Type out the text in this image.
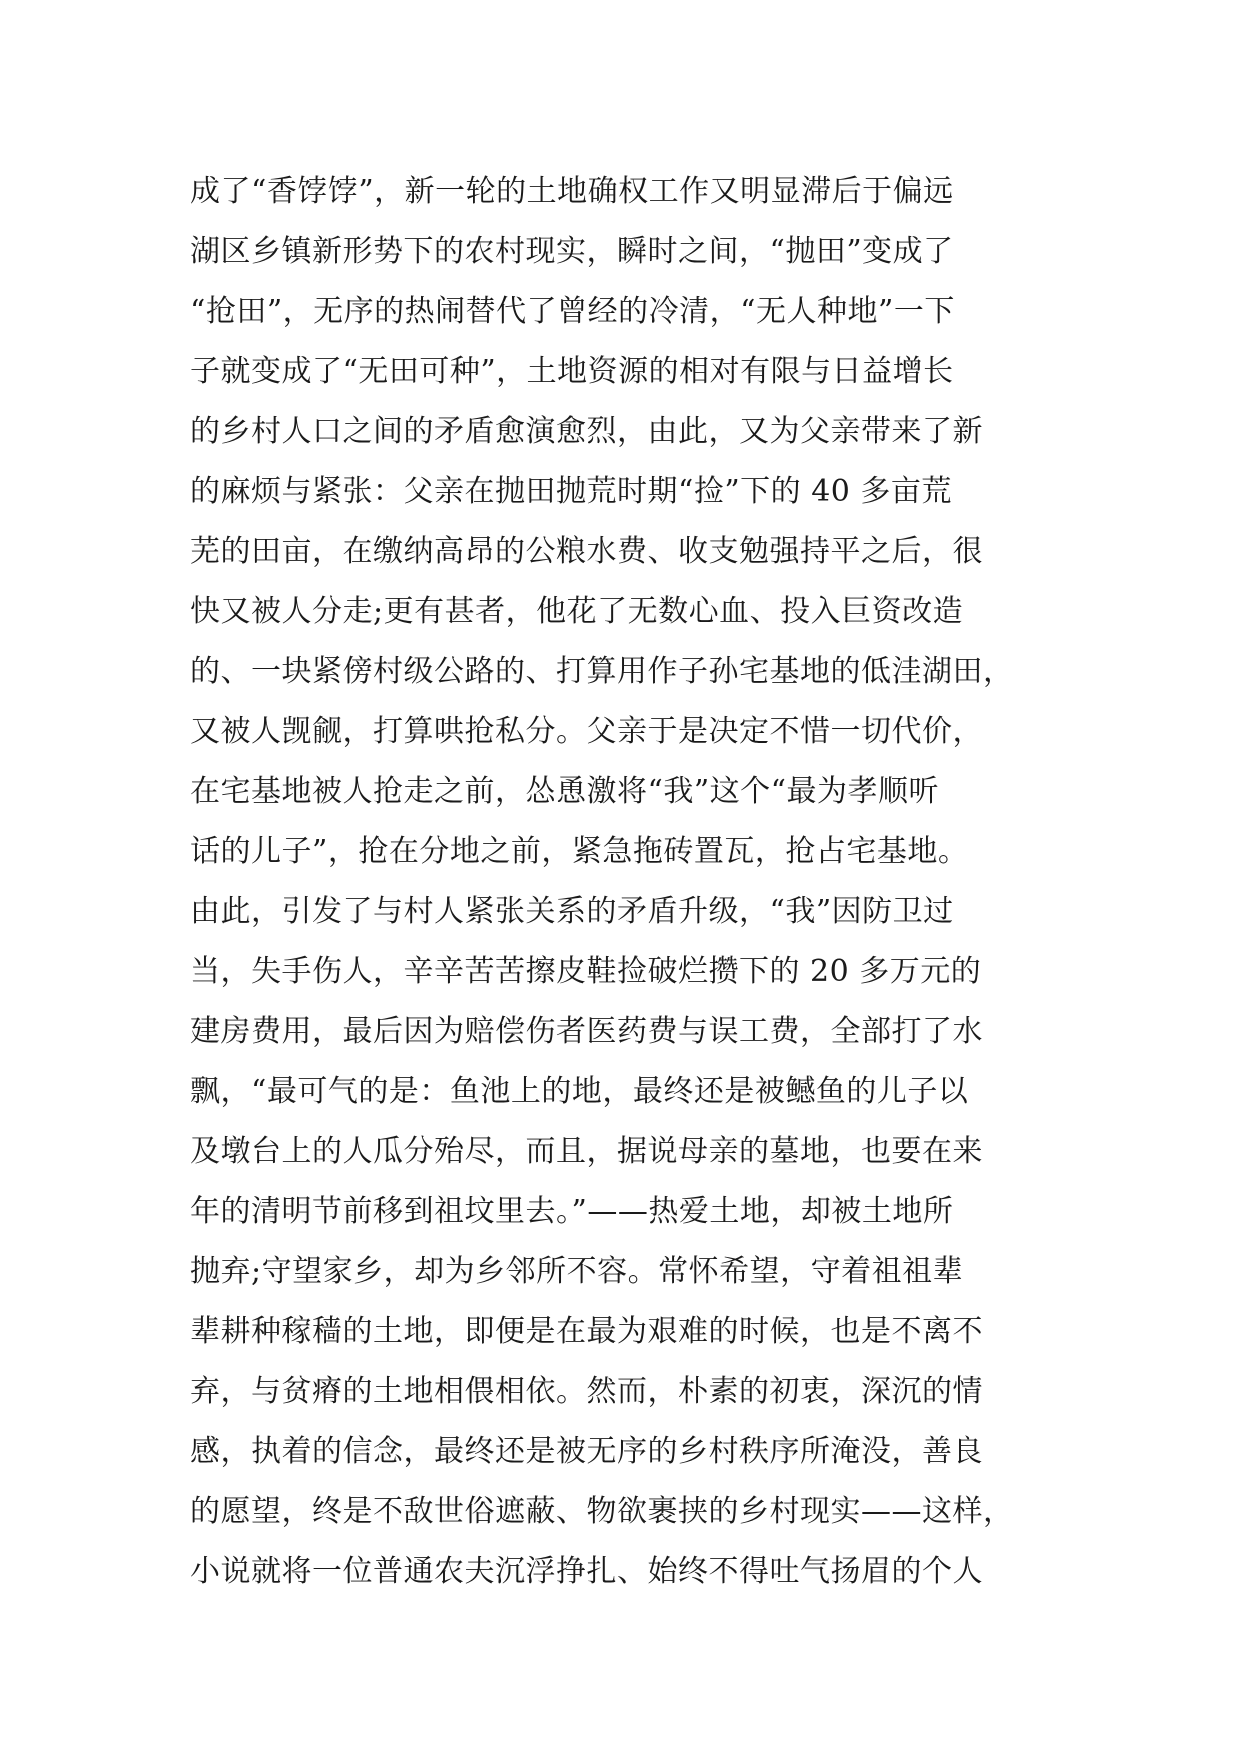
成了“香饽饽”，新一轮的土地确权工作又明显滞后于偏远
湖区乡镇新形势下的农村现实，瞬时之间，“抛田”变成了
“抢田”，无序的热闹替代了曾经的冷清，“无人种地”一下
子就变成了“无田可种”，土地资源的相对有限与日益增长
的乡村人口之间的矛盾愈演愈烈，由此，又为父亲带来了新
的麻烦与紧张：父亲在抛田抛荒时期“捡”下的 40 多亩荒
芜的田亩，在缴纳高昂的公粮水费、收支勉强持平之后，很
快又被人分走;更有甚者，他花了无数心血、投入巨资改造
的、一块紧傍村级公路的、打算用作子孙宅基地的低洼湖田，
又被人觊觎，打算哄抢私分。父亲于是决定不惜一切代价，
在宅基地被人抢走之前，怂恿激将“我”这个“最为孝顺听
话的儿子”，抢在分地之前，紧急拖砖置瓦，抢占宅基地。
由此，引发了与村人紧张关系的矛盾升级，“我”因防卫过
当，失手伤人，辛辛苦苦擦皮鞋捡破烂攒下的 20 多万元的
建房费用，最后因为赔偿伤者医药费与误工费，全部打了水
飘，“最可气的是：鱼池上的地，最终还是被鳡鱼的儿子以
及墩台上的人瓜分殆尽，而且，据说母亲的墓地，也要在来
年的清明节前移到祖坟里去。”——热爱土地，却被土地所
抛弃;守望家乡，却为乡邻所不容。常怀希望，守着祖祖辈
辈耕种稼穑的土地，即便是在最为艰难的时候，也是不离不
弃，与贫瘠的土地相偎相依。然而，朴素的初衷，深沉的情
感，执着的信念，最终还是被无序的乡村秩序所淹没，善良
的愿望，终是不敌世俗遮蔽、物欲裹挟的乡村现实——这样，
小说就将一位普通农夫沉浮挣扎、始终不得吐气扬眉的个人
